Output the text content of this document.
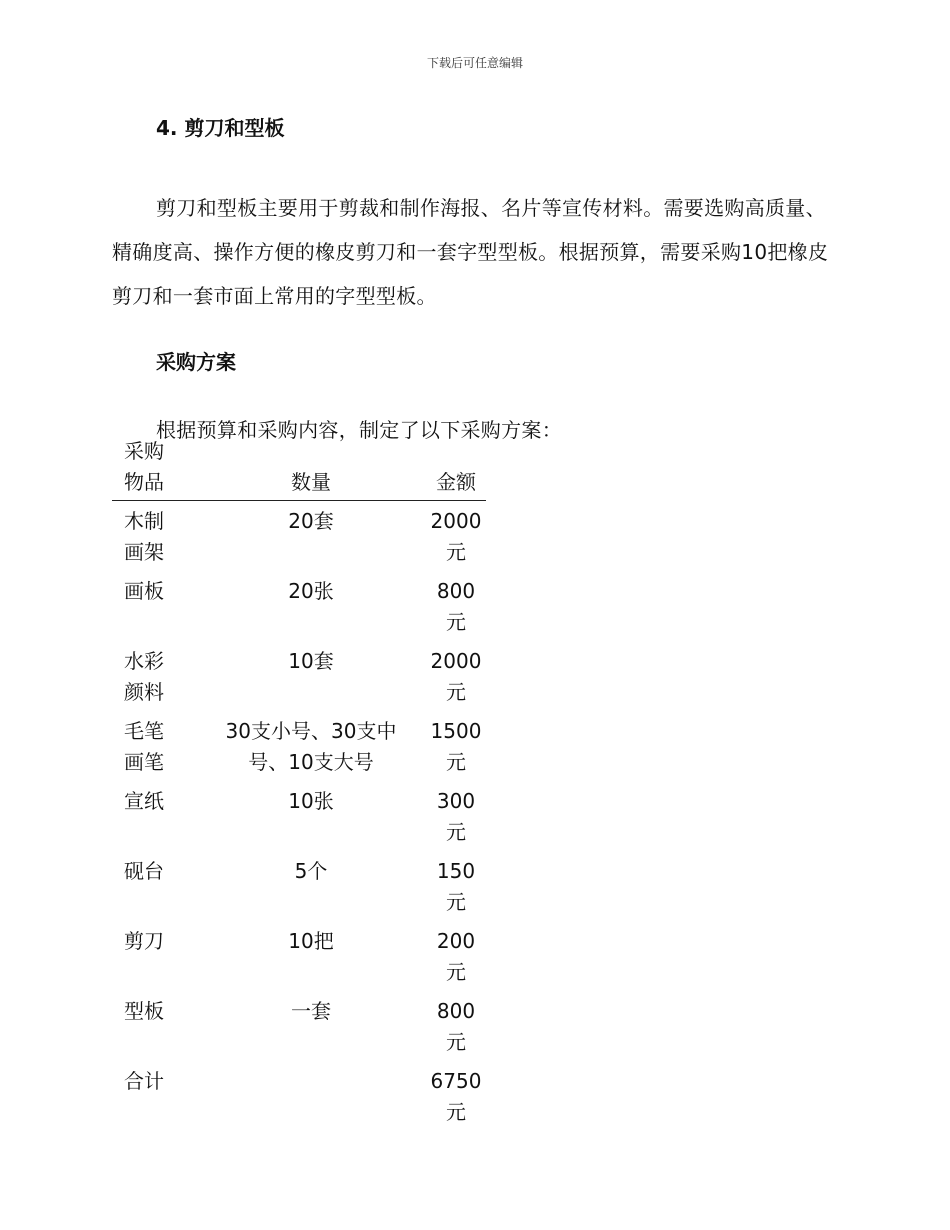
下载后可任意编辑
4. 剪刀和型板

剪刀和型板主要用于剪裁和制作海报、名片等宣传材料。需要选购高质量、精确度高、操作方便的橡皮剪刀和一套字型型板。根据预算，需要采购10把橡皮剪刀和一套市面上常用的字型型板。

采购方案

根据预算和采购内容，制定了以下采购方案：

采购物品	数量	金额

木制画架	20套	2000元

画板	20张	800元

水彩颜料	10套	2000元

毛笔画笔	30支小号、30支中号、10支大号	1500元

宣纸	10张	300元

砚台	5个	150元

剪刀	10把	200元

型板	一套	800元

合计		6750元
